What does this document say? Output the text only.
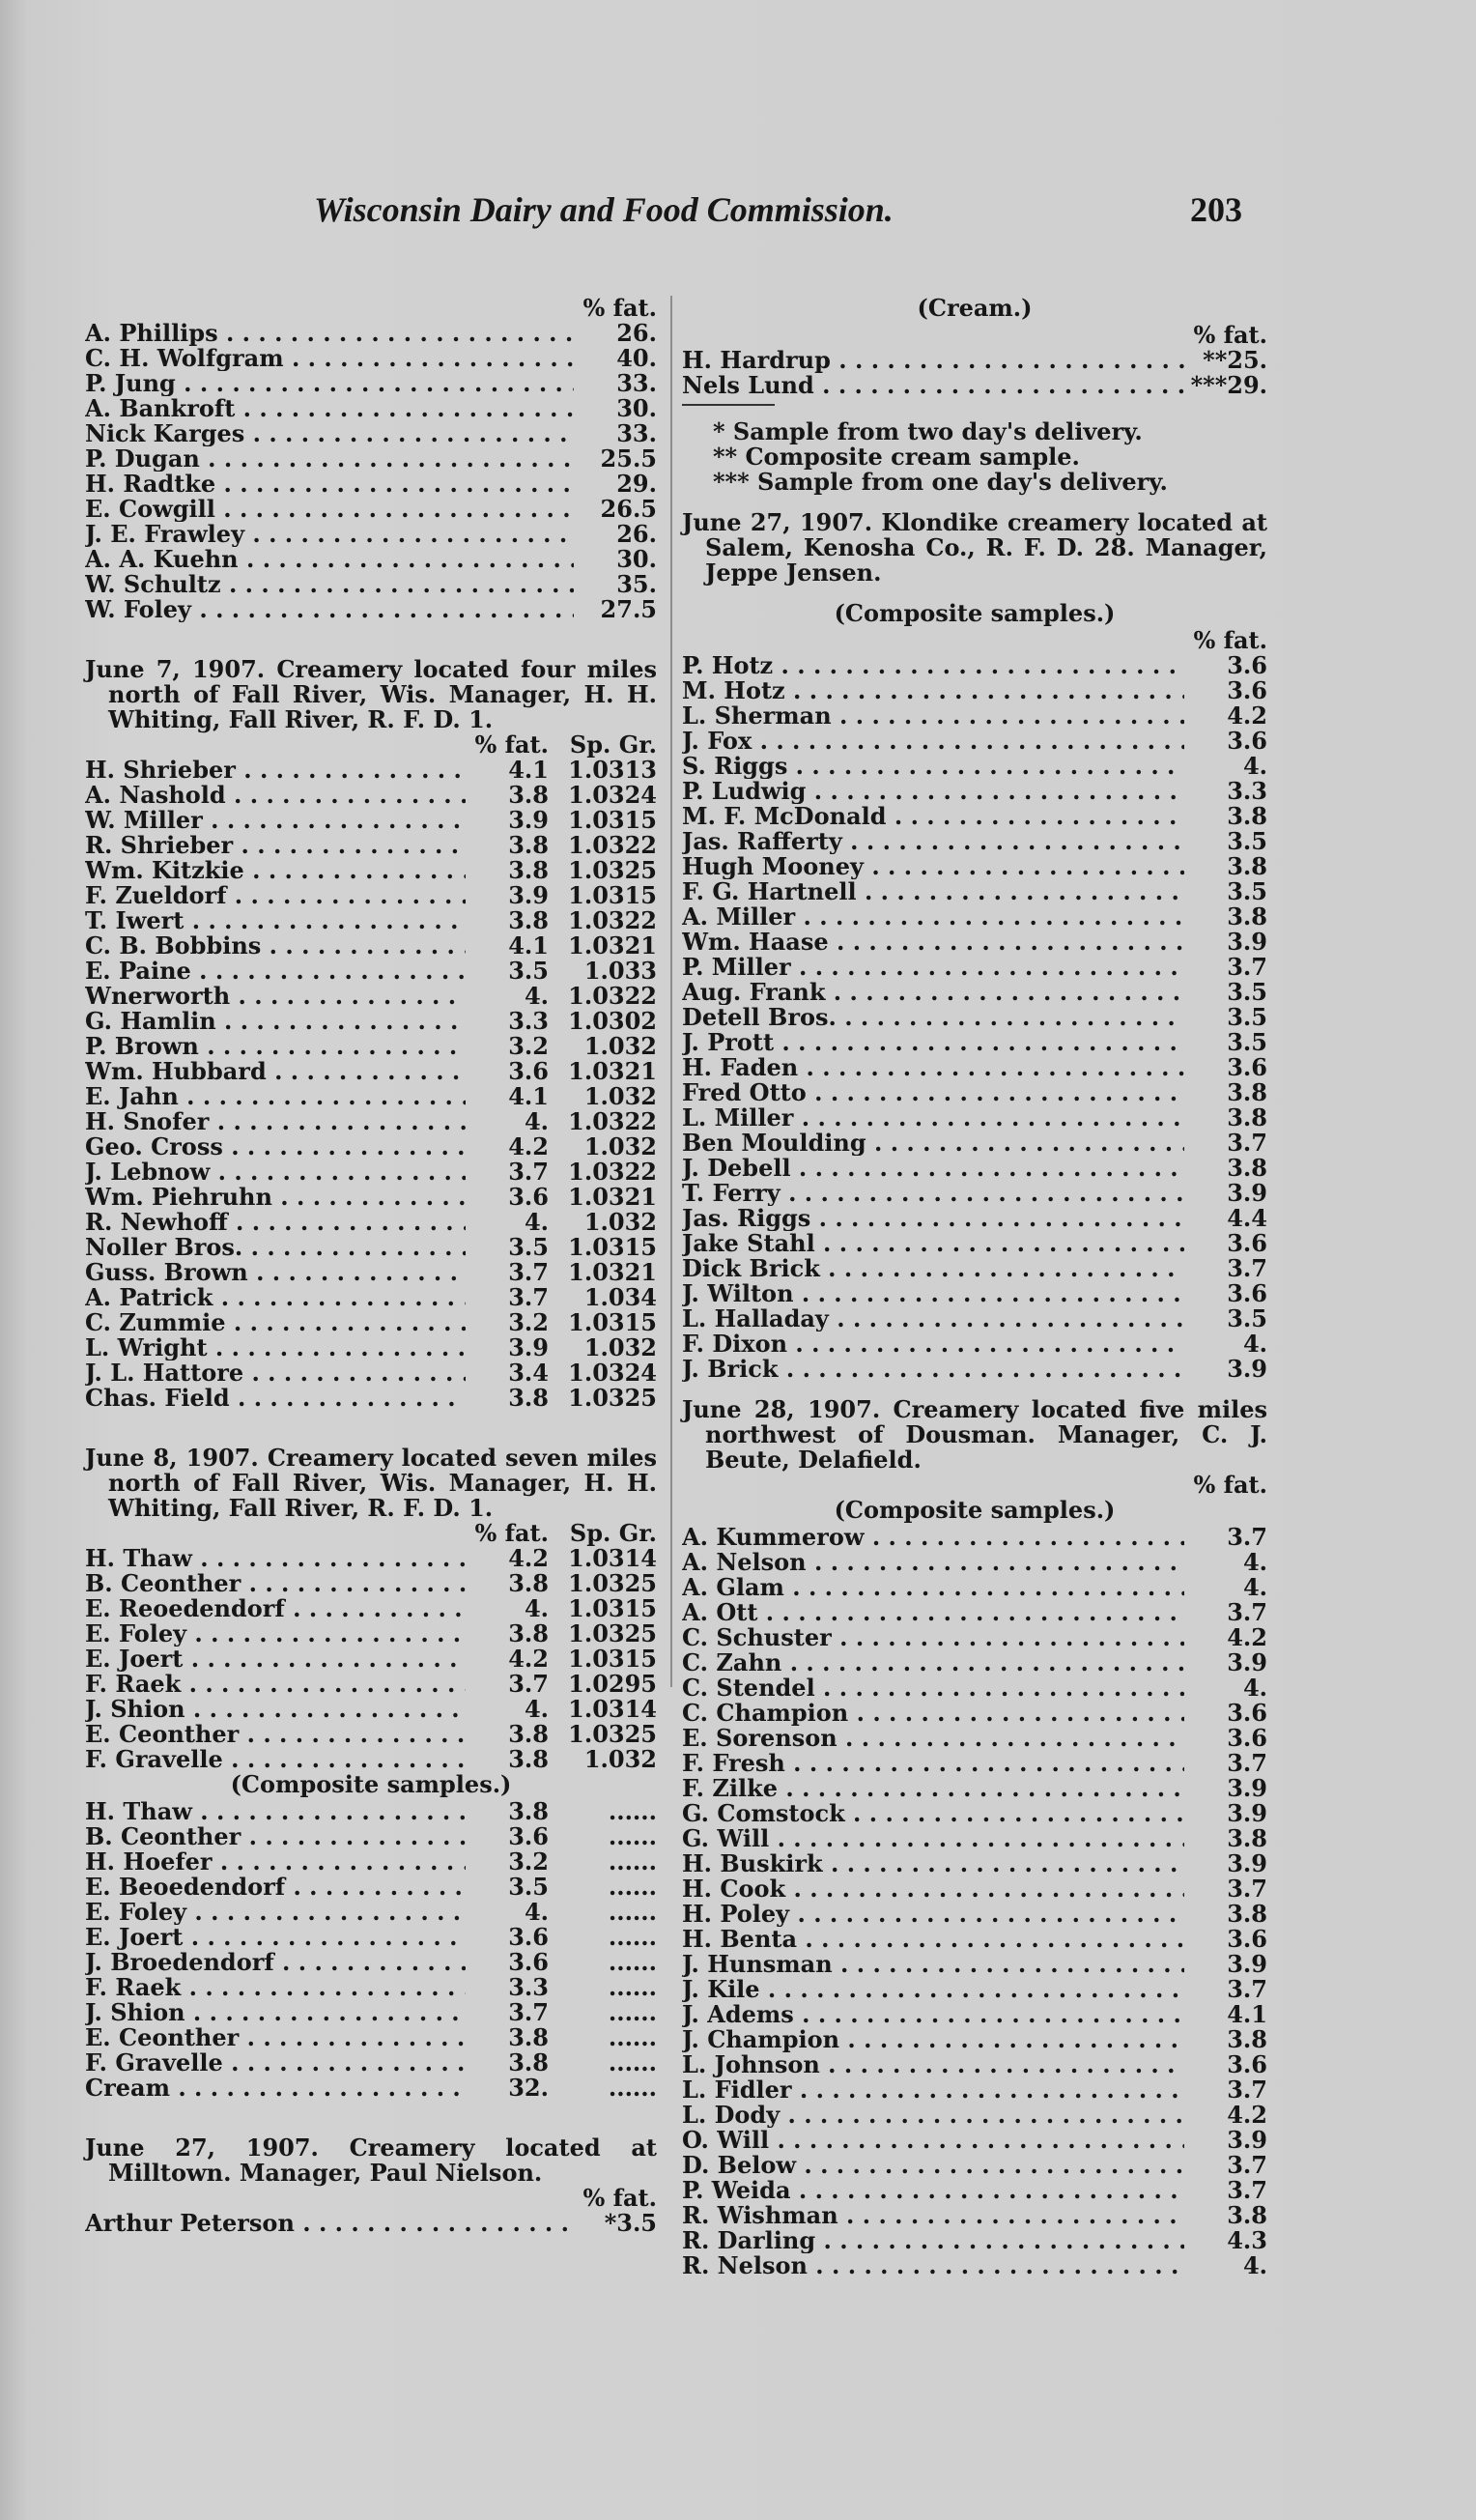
Wisconsin Dairy and Food Commission.	203
% fat.
A. Phillips . . .	26.
C. H. Wolfgram . . .	40.
P. Jung . . .	33.
A. Bankroft . . .	30.
Nick Karges . . .	33.
P. Dugan . . .	25.5
H. Radtke . . .	29.
E. Cowgill . . .	26.5
J. E. Frawley . . .	26.
A. A. Kuehn . . .	30.
W. Schultz . . .	35.
W. Foley . . .	27.5

June 7, 1907. Creamery located four miles north of Fall River, Wis. Manager, H. H. Whiting, Fall River, R. F. D. 1.

% fat. Sp. Gr.
H. Shrieber . . .	4.1 1.0313
A. Nashold . . .	3.8 1.0324
W. Miller . . .	3.9 1.0315
R. Shrieber . . .	3.8 1.0322
Wm. Kitzkie . . .	3.8 1.0325
F. Zueldorf . . .	3.9 1.0315
T. Iwert . . .	3.8 1.0322
C. B. Bobbins . . .	4.1 1.0321
E. Paine . . .	3.5	1.033
Wnerworth . . .	4. 1.0322
G. Hamlin . . .	3.3 1.0302
P. Brown . . .	3.2	1.032
Wm. Hubbard . . .	3.6 1.0321
E. Jahn . . .	4.1	1.032
H. Snofer . . .	4. 1.0322
Geo. Cross . . .	4.2	1.032
J. Lebnow . . .	3.7 1.0322
Wm. Piehruhn . . .	3.6 1.0321
R. Newhoff . . .	4.	1.032
Noller Bros. . . .	3.5 1.0315
Guss. Brown . . .	3.7 1.0321
A. Patrick . . .	3.7	1.034
C. Zummie . . .	3.2 1.0315
L. Wright . . .	3.9	1.032
J. L. Hattore . . .	3.4 1.0324
Chas. Field . . .	3.8 1.0325

June 8, 1907. Creamery located seven miles north of Fall River, Wis. Manager, H. H. Whiting, Fall River, R. F. D. 1.

% fat. Sp. Gr.
H. Thaw . . .	4.2 1.0314
B. Ceonther . . .	3.8 1.0325
E. Reoedendorf . . .	4. 1.0315
E. Foley . . .	3.8 1.0325
E. Joert . . .	4.2 1.0315
F. Raek . . .	3.7 1.0295
J. Shion . . .	4. 1.0314
E. Ceonther . . .	3.8 1.0325
F. Gravelle . . .	3.8	1.032
(Composite samples.)
H. Thaw . . .	3.8	......
B. Ceonther . . .	3.6	......
H. Hoefer . . .	3.2	......
E. Beoedendorf . . .	3.5	......
E. Foley . . .	4.	......
E. Joert . . .	3.6	......
J. Broedendorf . . .	3.6	......
F. Raek . . .	3.3	......
J. Shion . . .	3.7	......
E. Ceonther . . .	3.8	......
F. Gravelle . . .	3.8	......
Cream . . .	32.	......

June 27, 1907. Creamery located at Milltown. Manager, Paul Nielson.

% fat.
Arthur Peterson . . .	*3.5
(Cream.)
% fat.
H. Hardrup . . .	**25.
Nels Lund . . .	***29.
* Sample from two day's delivery.
** Composite cream sample.
*** Sample from one day's delivery.

June 27, 1907. Klondike creamery located at Salem, Kenosha Co., R. F. D. 28. Manager, Jeppe Jensen.

(Composite samples.)
% fat.
P. Hotz . . .	3.6
M. Hotz . . .	3.6
L. Sherman . . .	4.2
J. Fox . . .	3.6
S. Riggs . . .	4.
P. Ludwig . . .	3.3
M. F. McDonald . . .	3.8
Jas. Rafferty . . .	3.5
Hugh Mooney . . .	3.8
F. G. Hartnell . . .	3.5
A. Miller . . .	3.8
Wm. Haase . . .	3.9
P. Miller . . .	3.7
Aug. Frank . . .	3.5
Detell Bros. . . .	3.5
J. Prott . . .	3.5
H. Faden . . .	3.6
Fred Otto . . .	3.8
L. Miller . . .	3.8
Ben Moulding . . .	3.7
J. Debell . . .	3.8
T. Ferry . . .	3.9
Jas. Riggs . . .	4.4
Jake Stahl . . .	3.6
Dick Brick . . .	3.7
J. Wilton . . .	3.6
L. Halladay . . .	3.5
F. Dixon . . .	4.
J. Brick . . .	3.9

June 28, 1907. Creamery located five miles northwest of Dousman. Manager, C. J. Beute, Delafield.

% fat.
(Composite samples.)
A. Kummerow . . .	3.7
A. Nelson . . .	4.
A. Glam . . .	4.
A. Ott . . .	3.7
C. Schuster . . .	4.2
C. Zahn . . .	3.9
C. Stendel . . .	4.
C. Champion . . .	3.6
E. Sorenson . . .	3.6
F. Fresh . . .	3.7
F. Zilke . . .	3.9
G. Comstock . . .	3.9
G. Will . . .	3.8
H. Buskirk . . .	3.9
H. Cook . . .	3.7
H. Poley . . .	3.8
H. Benta . . .	3.6
J. Hunsman . . .	3.9
J. Kile . . .	3.7
J. Adems . . .	4.1
J. Champion . . .	3.8
L. Johnson . . .	3.6
L. Fidler . . .	3.7
L. Dody . . .	4.2
O. Will . . .	3.9
D. Below . . .	3.7
P. Weida . . .	3.7
R. Wishman . . .	3.8
R. Darling . . .	4.3
R. Nelson . . .	4.
